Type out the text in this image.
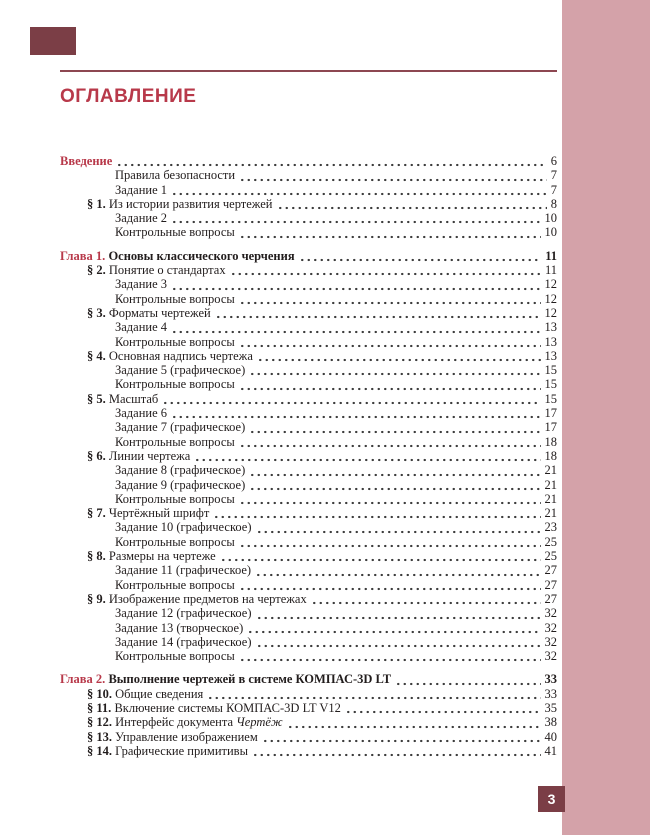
ОГЛАВЛЕНИЕ
Введение	6
Правила безопасности	7
Задание 1	7
§ 1. Из истории развития чертежей	8
Задание 2	10
Контрольные вопросы	10
Глава 1. Основы классического черчения	11
§ 2. Понятие о стандартах	11
Задание 3	12
Контрольные вопросы	12
§ 3. Форматы чертежей	12
Задание 4	13
Контрольные вопросы	13
§ 4. Основная надпись чертежа	13
Задание 5 (графическое)	15
Контрольные вопросы	15
§ 5. Масштаб	15
Задание 6	17
Задание 7 (графическое)	17
Контрольные вопросы	18
§ 6. Линии чертежа	18
Задание 8 (графическое)	21
Задание 9 (графическое)	21
Контрольные вопросы	21
§ 7. Чертёжный шрифт	21
Задание 10 (графическое)	23
Контрольные вопросы	25
§ 8. Размеры на чертеже	25
Задание 11 (графическое)	27
Контрольные вопросы	27
§ 9. Изображение предметов на чертежах	27
Задание 12 (графическое)	32
Задание 13 (творческое)	32
Задание 14 (графическое)	32
Контрольные вопросы	32
Глава 2. Выполнение чертежей в системе КОМПАС-3D LT	33
§ 10. Общие сведения	33
§ 11. Включение системы КОМПАС-3D LT V12	35
§ 12. Интерфейс документа Чертёж	38
§ 13. Управление изображением	40
§ 14. Графические примитивы	41
3
